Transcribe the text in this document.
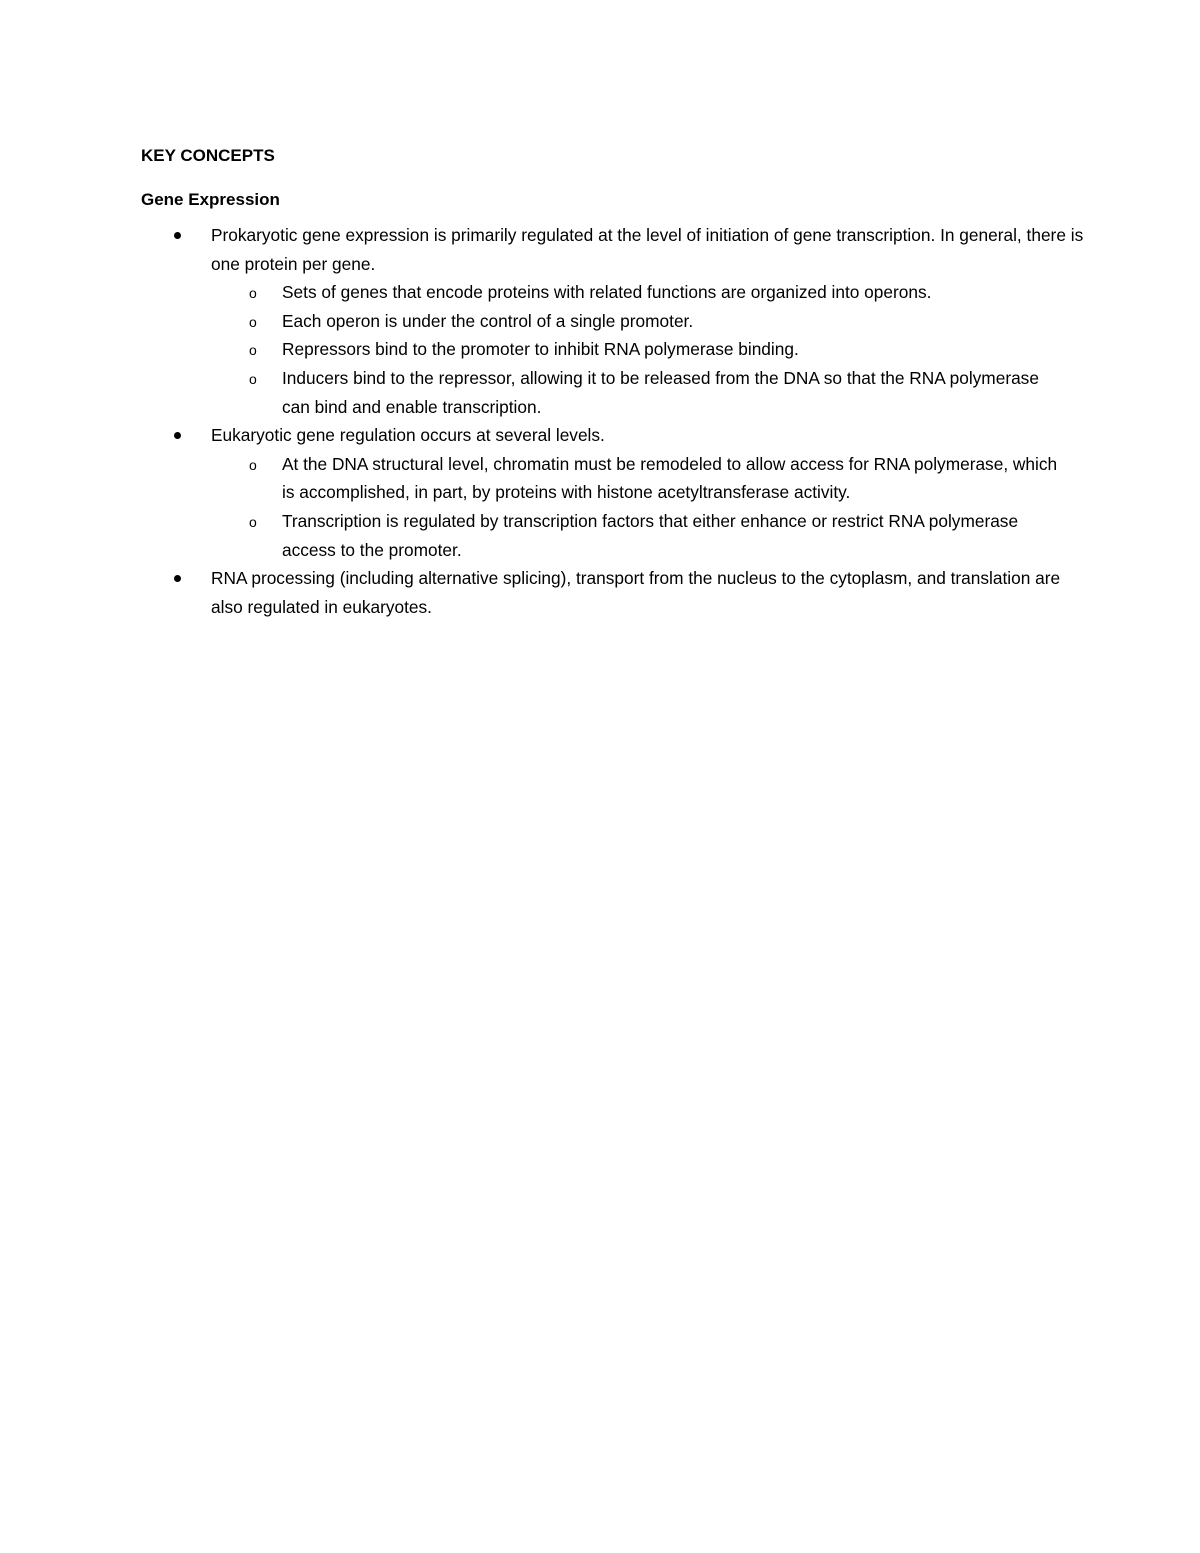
KEY CONCEPTS

Gene Expression

Prokaryotic gene expression is primarily regulated at the level of initiation of gene transcription. In general, there is one protein per gene.
o Sets of genes that encode proteins with related functions are organized into operons.
o Each operon is under the control of a single promoter.
o Repressors bind to the promoter to inhibit RNA polymerase binding.
o Inducers bind to the repressor, allowing it to be released from the DNA so that the RNA polymerase can bind and enable transcription.
Eukaryotic gene regulation occurs at several levels.
o At the DNA structural level, chromatin must be remodeled to allow access for RNA polymerase, which is accomplished, in part, by proteins with histone acetyltransferase activity.
o Transcription is regulated by transcription factors that either enhance or restrict RNA polymerase access to the promoter.
RNA processing (including alternative splicing), transport from the nucleus to the cytoplasm, and translation are also regulated in eukaryotes.
